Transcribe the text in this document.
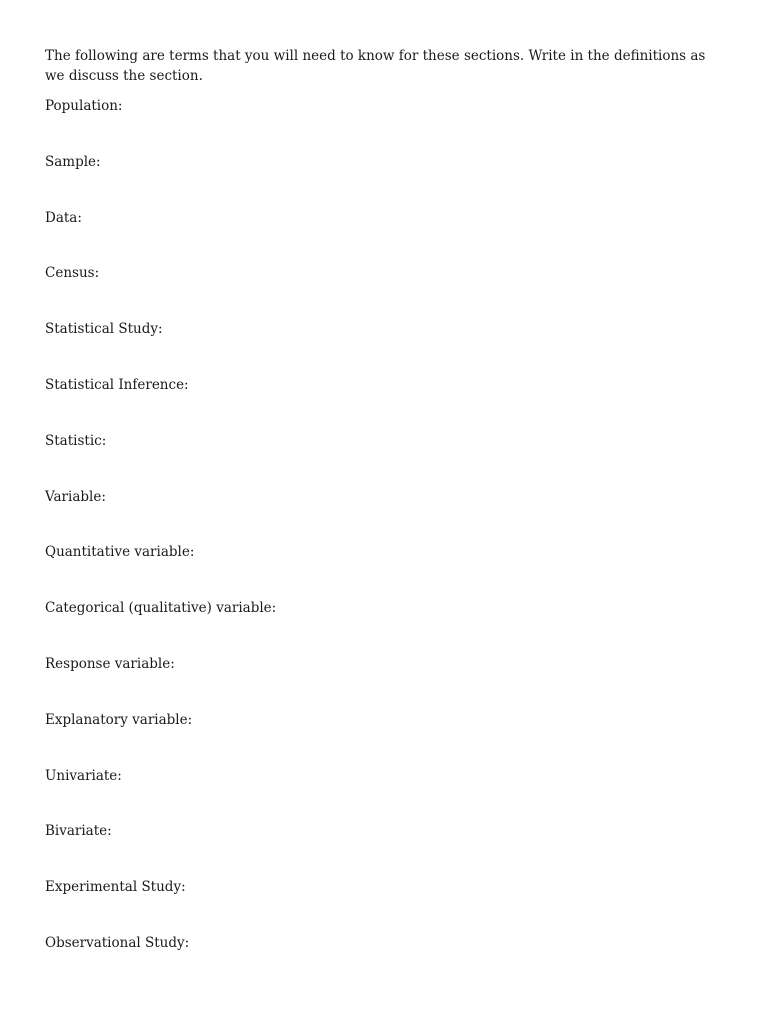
The following are terms that you will need to know for these sections. Write in the definitions as we discuss the section.

Population:
Sample:
Data:
Census:
Statistical Study:
Statistical Inference:
Statistic:
Variable:
Quantitative variable:
Categorical (qualitative) variable:
Response variable:
Explanatory variable:
Univariate:
Bivariate:
Experimental Study:
Observational Study:
